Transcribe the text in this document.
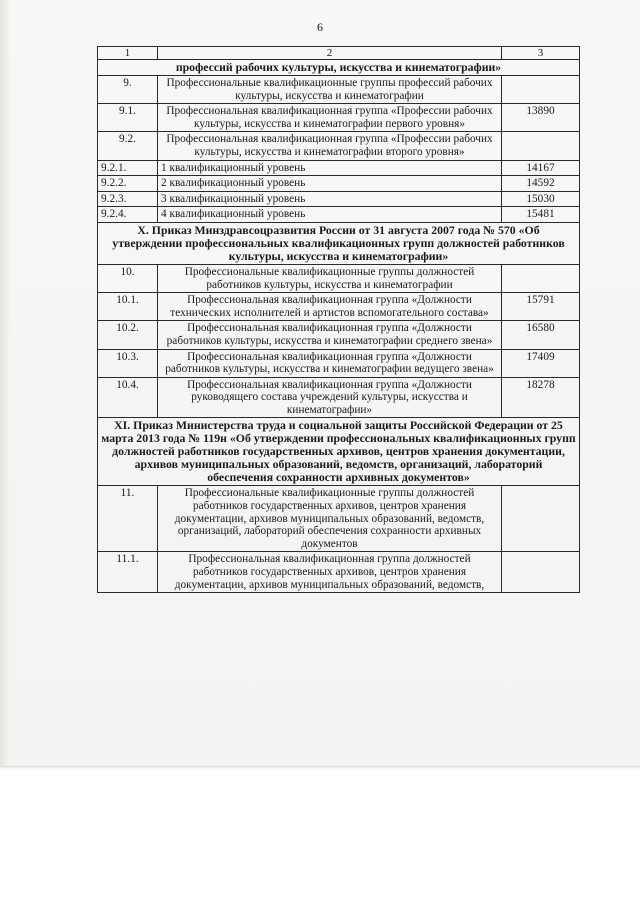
6
1	2	3
профессий рабочих культуры, искусства и кинематографии»		
9.	Профессиональные квалификационные группы профессий рабочих культуры, искусства и кинематографии	
9.1.	Профессиональная квалификационная группа «Профессии рабочих культуры, искусства и кинематографии первого уровня»	13890
9.2.	Профессиональная квалификационная группа «Профессии рабочих культуры, искусства и кинематографии второго уровня»	
9.2.1.	1 квалификационный уровень	14167
9.2.2.	2 квалификационный уровень	14592
9.2.3.	3 квалификационный уровень	15030
9.2.4.	4 квалификационный уровень	15481
X. Приказ Минздравсоцразвития России от 31 августа 2007 года № 570 «Об утверждении профессиональных квалификационных групп должностей работников культуры, искусства и кинематографии»		
10.	Профессиональные квалификационные группы должностей работников культуры, искусства и кинематографии	
10.1.	Профессиональная квалификационная группа «Должности технических исполнителей и артистов вспомогательного состава»	15791
10.2.	Профессиональная квалификационная группа «Должности работников культуры, искусства и кинематографии среднего звена»	16580
10.3.	Профессиональная квалификационная группа «Должности работников культуры, искусства и кинематографии ведущего звена»	17409
10.4.	Профессиональная квалификационная группа «Должности руководящего состава учреждений культуры, искусства и кинематографии»	18278
XI. Приказ Министерства труда и социальной защиты Российской Федерации от 25 марта 2013 года № 119н «Об утверждении профессиональных квалификационных групп должностей работников государственных архивов, центров хранения документации, архивов муниципальных образований, ведомств, организаций, лабораторий обеспечения сохранности архивных документов»		
11.	Профессиональные квалификационные группы должностей работников государственных архивов, центров хранения документации, архивов муниципальных образований, ведомств, организаций, лабораторий обеспечения сохранности архивных документов	
11.1.	Профессиональная квалификационная группа должностей работников государственных архивов, центров хранения документации, архивов муниципальных образований, ведомств,	
